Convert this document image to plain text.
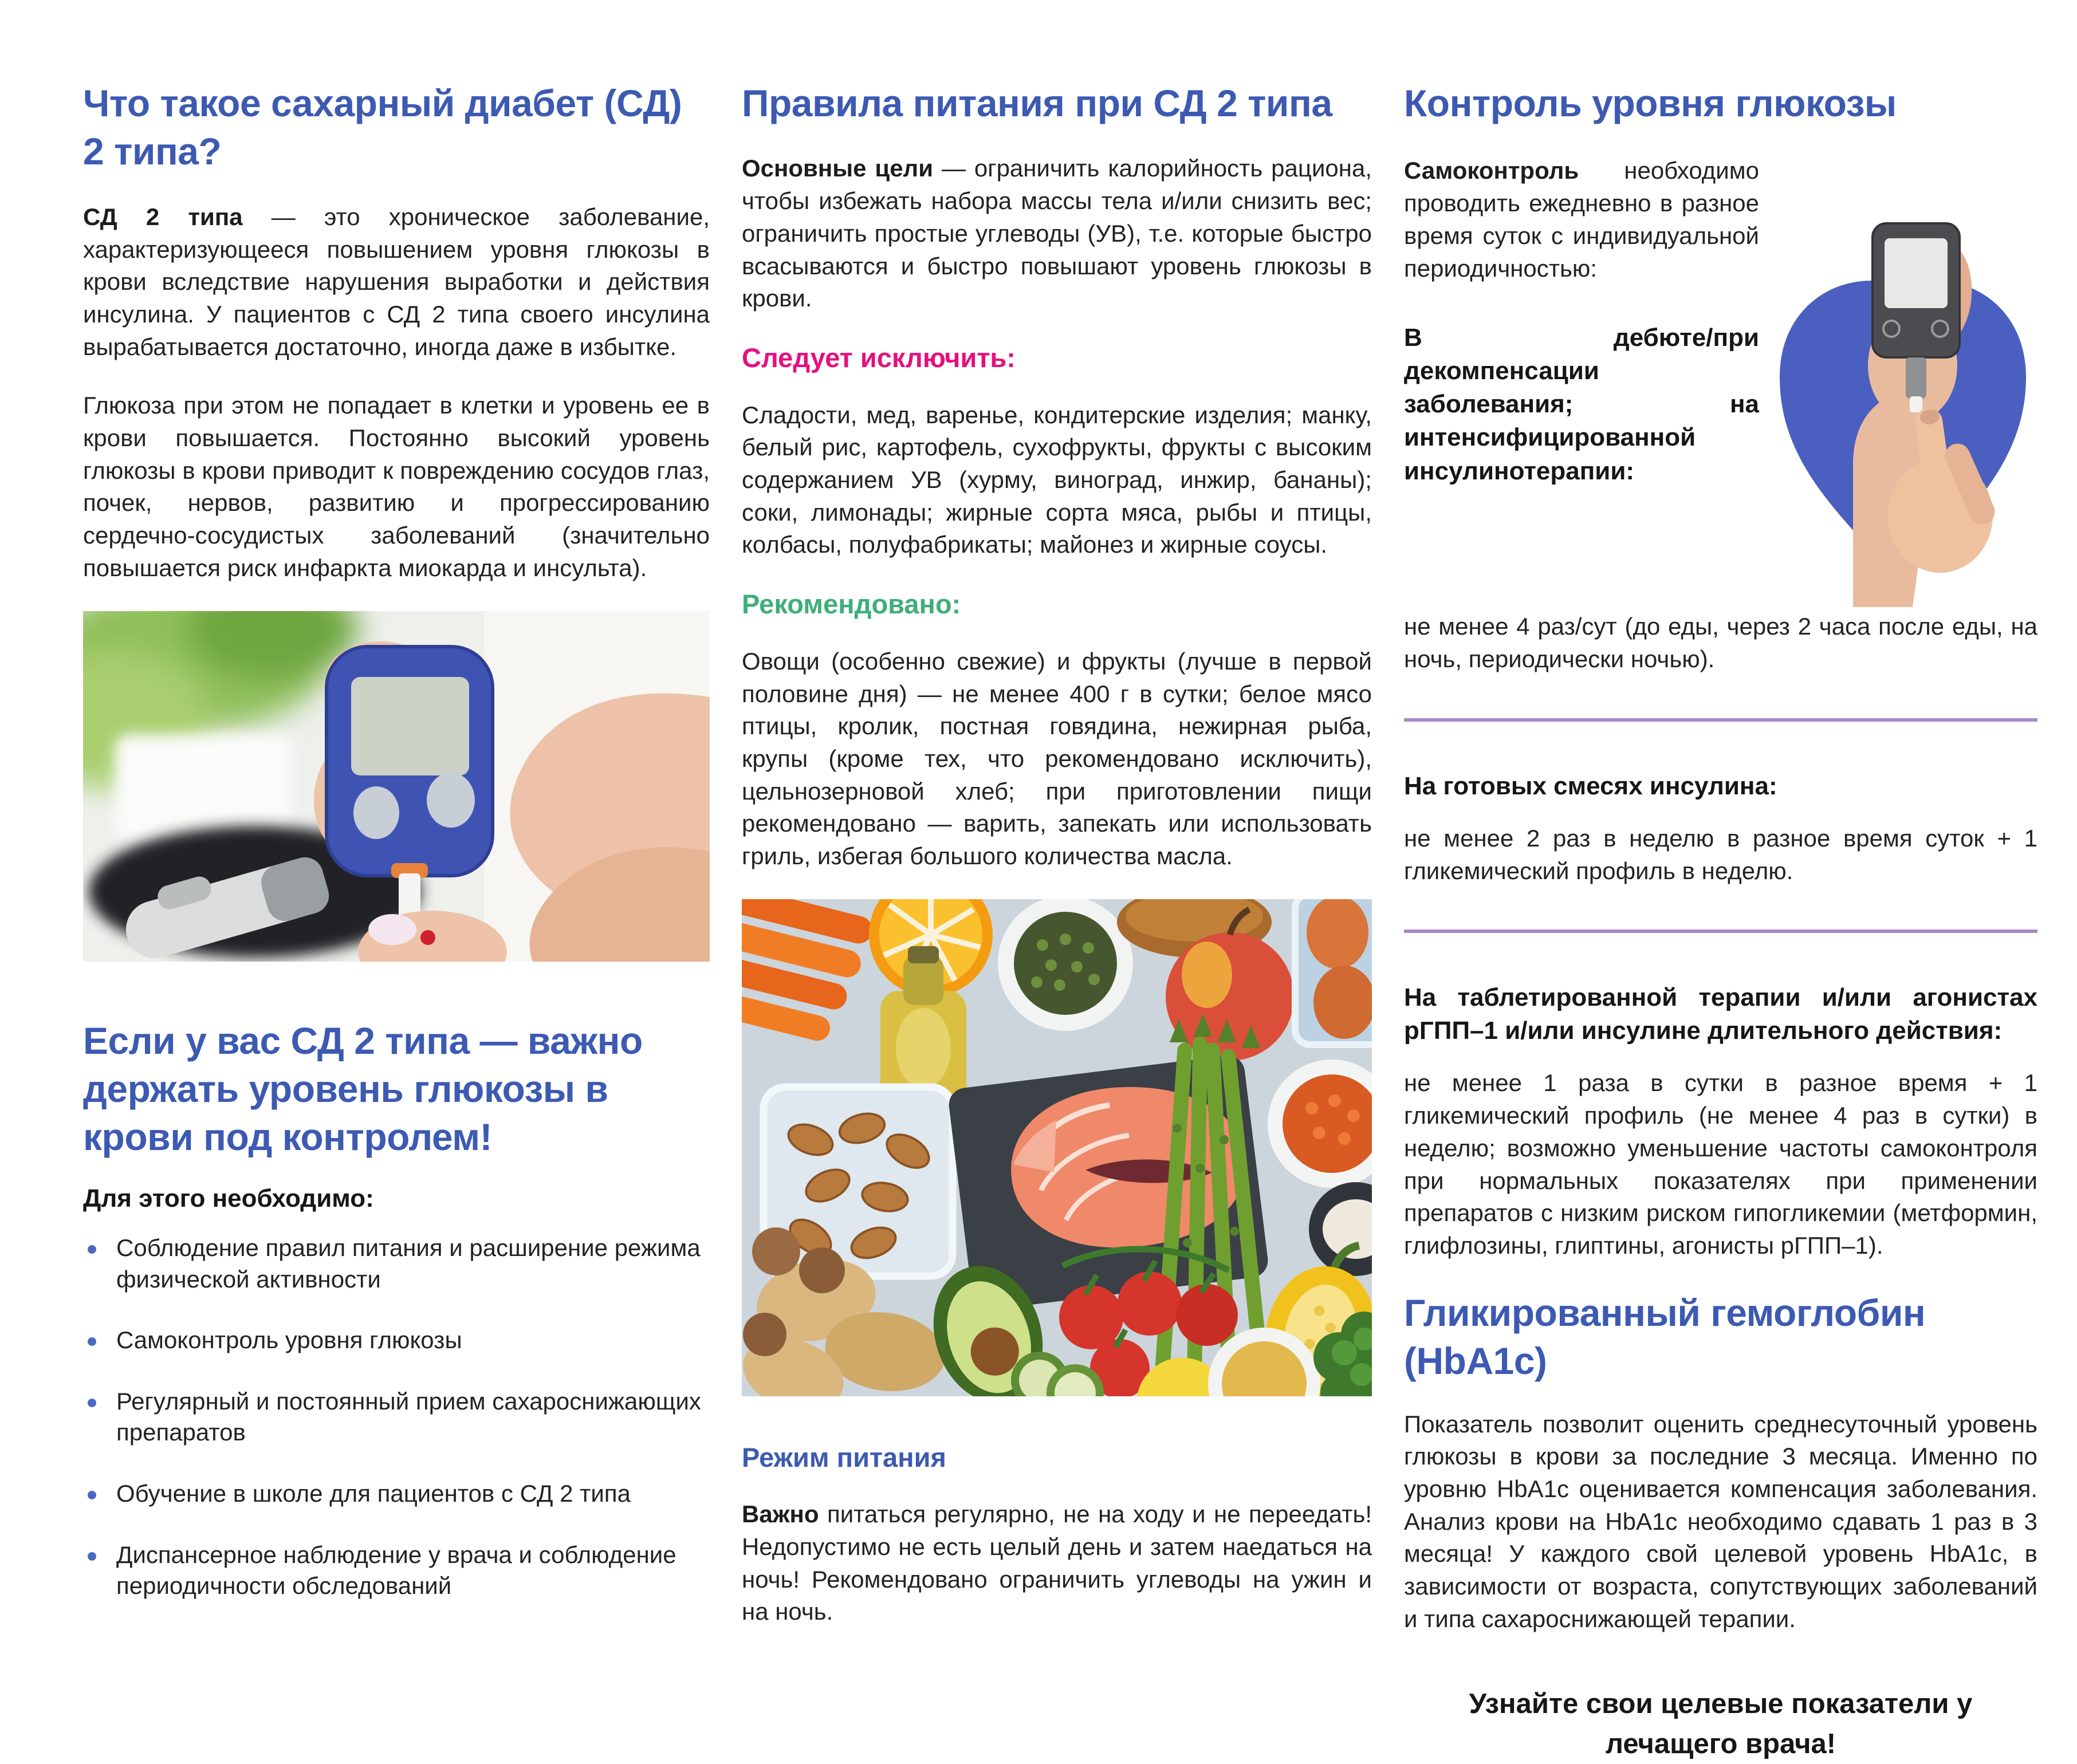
Что такое сахарный диабет (СД) 2 типа?

СД 2 типа — это хроническое заболевание, характеризующееся повышением уровня глюкозы в крови вследствие нарушения выработки и действия инсулина. У пациентов с СД 2 типа своего инсулина вырабатывается достаточно, иногда даже в избытке.

Глюкоза при этом не попадает в клетки и уровень ее в крови повышается. Постоянно высокий уровень глюкозы в крови приводит к повреждению сосудов глаз, почек, нервов, развитию и прогрессированию сердечно-сосудистых заболеваний (значительно повышается риск инфаркта миокарда и инсульта).

Если у вас СД 2 типа — важно держать уровень глюкозы в крови под контролем!

Для этого необходимо:

Соблюдение правил питания и расширение режима физической активности
Самоконтроль уровня глюкозы
Регулярный и постоянный прием сахароснижающих препаратов
Обучение в школе для пациентов с СД 2 типа
Диспансерное наблюдение у врача и соблюдение периодичности обследований
Правила питания при СД 2 типа

Основные цели — ограничить калорийность рациона, чтобы избежать набора массы тела и/или снизить вес; ограничить простые углеводы (УВ), т.е. которые быстро всасываются и быстро повышают уровень глюкозы в крови.

Следует исключить:

Сладости, мед, варенье, кондитерские изделия; манку, белый рис, картофель, сухофрукты, фрукты с высоким содержанием УВ (хурму, виноград, инжир, бананы); соки, лимонады; жирные сорта мяса, рыбы и птицы, колбасы, полуфабрикаты; майонез и жирные соусы.

Рекомендовано:

Овощи (особенно свежие) и фрукты (лучше в первой половине дня) — не менее 400 г в сутки; белое мясо птицы, кролик, постная говядина, нежирная рыба, крупы (кроме тех, что рекомендовано исключить), цельнозерновой хлеб; при приготовлении пищи рекомендовано — варить, запекать или использовать гриль, избегая большого количества масла.

Режим питания

Важно питаться регулярно, не на ходу и не переедать! Недопустимо не есть целый день и затем наедаться на ночь! Рекомендовано ограничить углеводы на ужин и на ночь.

Контроль уровня глюкозы

Самоконтроль необходимо проводить ежедневно в разное время суток с индивидуальной периодичностью:

В дебюте/при декомпенсации заболевания; на интенсифицированной инсулинотерапии:

не менее 4 раз/сут (до еды, через 2 часа после еды, на ночь, периодически ночью).

На готовых смесях инсулина:

не менее 2 раз в неделю в разное время суток + 1 гликемический профиль в неделю.

На таблетированной терапии и/или агонистах рГПП–1 и/или инсулине длительного действия:

не менее 1 раза в сутки в разное время + 1 гликемический профиль (не менее 4 раз в сутки) в неделю; возможно уменьшение частоты самоконтроля при нормальных показателях при применении препаратов с низким риском гипогликемии (метформин, глифлозины, глиптины, агонисты рГПП–1).

Гликированный гемоглобин (HbA1c)

Показатель позволит оценить среднесуточный уровень глюкозы в крови за последние 3 месяца. Именно по уровню HbA1c оценивается компенсация заболевания. Анализ крови на HbA1c необходимо сдавать 1 раз в 3 месяца! У каждого свой целевой уровень HbA1c, в зависимости от возраста, сопутствующих заболеваний и типа сахароснижающей терапии.

Узнайте свои целевые показатели у лечащего врача!
